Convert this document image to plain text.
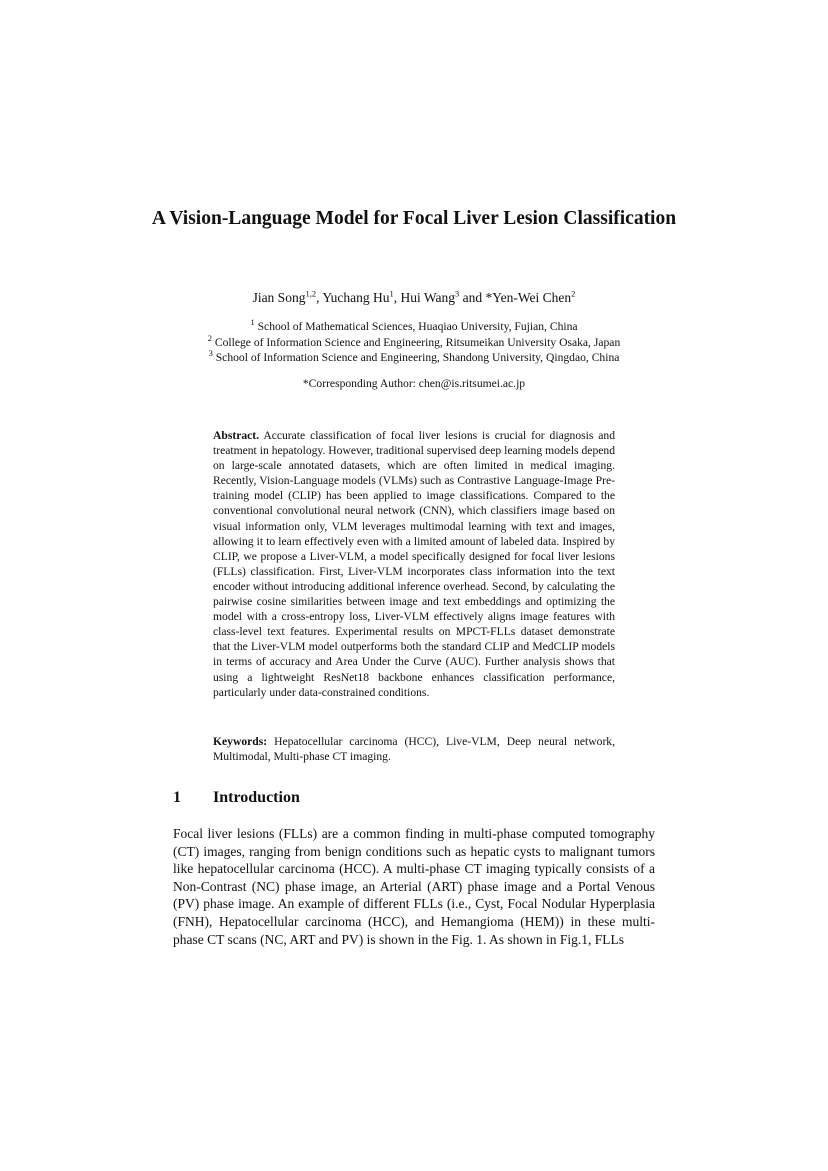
A Vision-Language Model for Focal Liver Lesion Classification
Jian Song$^{1,2}$, Yuchang Hu$^1$, Hui Wang$^3$ and *Yen-Wei Chen$^2$
$^1$ School of Mathematical Sciences, Huaqiao University, Fujian, China
$^2$ College of Information Science and Engineering, Ritsumeikan University Osaka, Japan
$^3$ School of Information Science and Engineering, Shandong University, Qingdao, China
*Corresponding Author: chen@is.ritsumei.ac.jp
Abstract. Accurate classification of focal liver lesions is crucial for diagnosis and treatment in hepatology. However, traditional supervised deep learning models depend on large-scale annotated datasets, which are often limited in medical imaging. Recently, Vision-Language models (VLMs) such as Contrastive Language-Image Pre-training model (CLIP) has been applied to image classifications. Compared to the conventional convolutional neural network (CNN), which classifiers image based on visual information only, VLM leverages multimodal learning with text and images, allowing it to learn effectively even with a limited amount of labeled data. Inspired by CLIP, we propose a Liver-VLM, a model specifically designed for focal liver lesions (FLLs) classification. First, Liver-VLM incorporates class information into the text encoder without introducing additional inference overhead. Second, by calculating the pairwise cosine similarities between image and text embeddings and optimizing the model with a cross-entropy loss, Liver-VLM effectively aligns image features with class-level text features. Experimental results on MPCT-FLLs dataset demonstrate that the Liver-VLM model outperforms both the standard CLIP and MedCLIP models in terms of accuracy and Area Under the Curve (AUC). Further analysis shows that using a lightweight ResNet18 backbone enhances classification performance, particularly under data-constrained conditions.
Keywords: Hepatocellular carcinoma (HCC), Live-VLM, Deep neural network, Multimodal, Multi-phase CT imaging.
1 Introduction
Focal liver lesions (FLLs) are a common finding in multi-phase computed tomography (CT) images, ranging from benign conditions such as hepatic cysts to malignant tumors like hepatocellular carcinoma (HCC). A multi-phase CT imaging typically consists of a Non-Contrast (NC) phase image, an Arterial (ART) phase image and a Portal Venous (PV) phase image. An example of different FLLs (i.e., Cyst, Focal Nodular Hyperplasia (FNH), Hepatocellular carcinoma (HCC), and Hemangioma (HEM)) in these multi-phase CT scans (NC, ART and PV) is shown in the Fig. 1. As shown in Fig.1, FLLs
